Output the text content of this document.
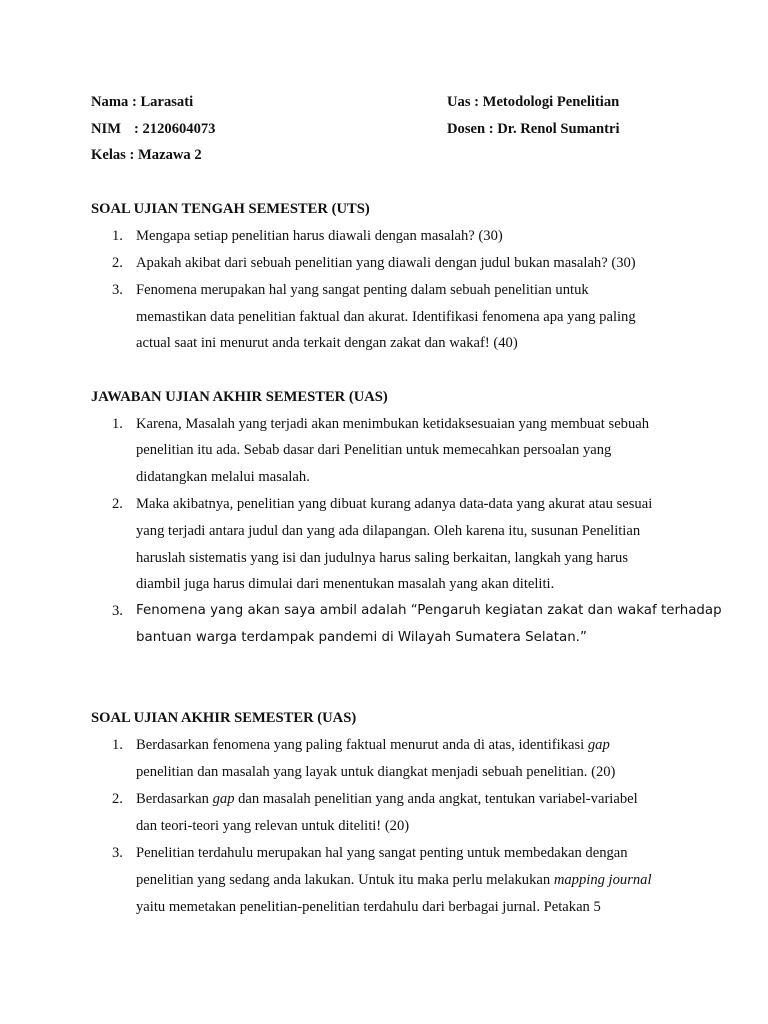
Nama : Larasati
NIM : 2120604073
Kelas : Mazawa 2
Uas : Metodologi Penelitian
Dosen : Dr. Renol Sumantri
SOAL UJIAN TENGAH SEMESTER (UTS)
1. Mengapa setiap penelitian harus diawali dengan masalah? (30)
2. Apakah akibat dari sebuah penelitian yang diawali dengan judul bukan masalah? (30)
3. Fenomena merupakan hal yang sangat penting dalam sebuah penelitian untuk
memastikan data penelitian faktual dan akurat. Identifikasi fenomena apa yang paling
actual saat ini menurut anda terkait dengan zakat dan wakaf! (40)
JAWABAN UJIAN AKHIR SEMESTER (UAS)
1. Karena, Masalah yang terjadi akan menimbukan ketidaksesuaian yang membuat sebuah
penelitian itu ada. Sebab dasar dari Penelitian untuk memecahkan persoalan yang
didatangkan melalui masalah.
2. Maka akibatnya, penelitian yang dibuat kurang adanya data-data yang akurat atau sesuai
yang terjadi antara judul dan yang ada dilapangan. Oleh karena itu, susunan Penelitian
haruslah sistematis yang isi dan judulnya harus saling berkaitan, langkah yang harus
diambil juga harus dimulai dari menentukan masalah yang akan diteliti.
3. Fenomena yang akan saya ambil adalah “Pengaruh kegiatan zakat dan wakaf terhadap
bantuan warga terdampak pandemi di Wilayah Sumatera Selatan.”
SOAL UJIAN AKHIR SEMESTER (UAS)
1. Berdasarkan fenomena yang paling faktual menurut anda di atas, identifikasi gap
penelitian dan masalah yang layak untuk diangkat menjadi sebuah penelitian. (20)
2. Berdasarkan gap dan masalah penelitian yang anda angkat, tentukan variabel-variabel
dan teori-teori yang relevan untuk diteliti! (20)
3. Penelitian terdahulu merupakan hal yang sangat penting untuk membedakan dengan
penelitian yang sedang anda lakukan. Untuk itu maka perlu melakukan mapping journal
yaitu memetakan penelitian-penelitian terdahulu dari berbagai jurnal. Petakan 5
